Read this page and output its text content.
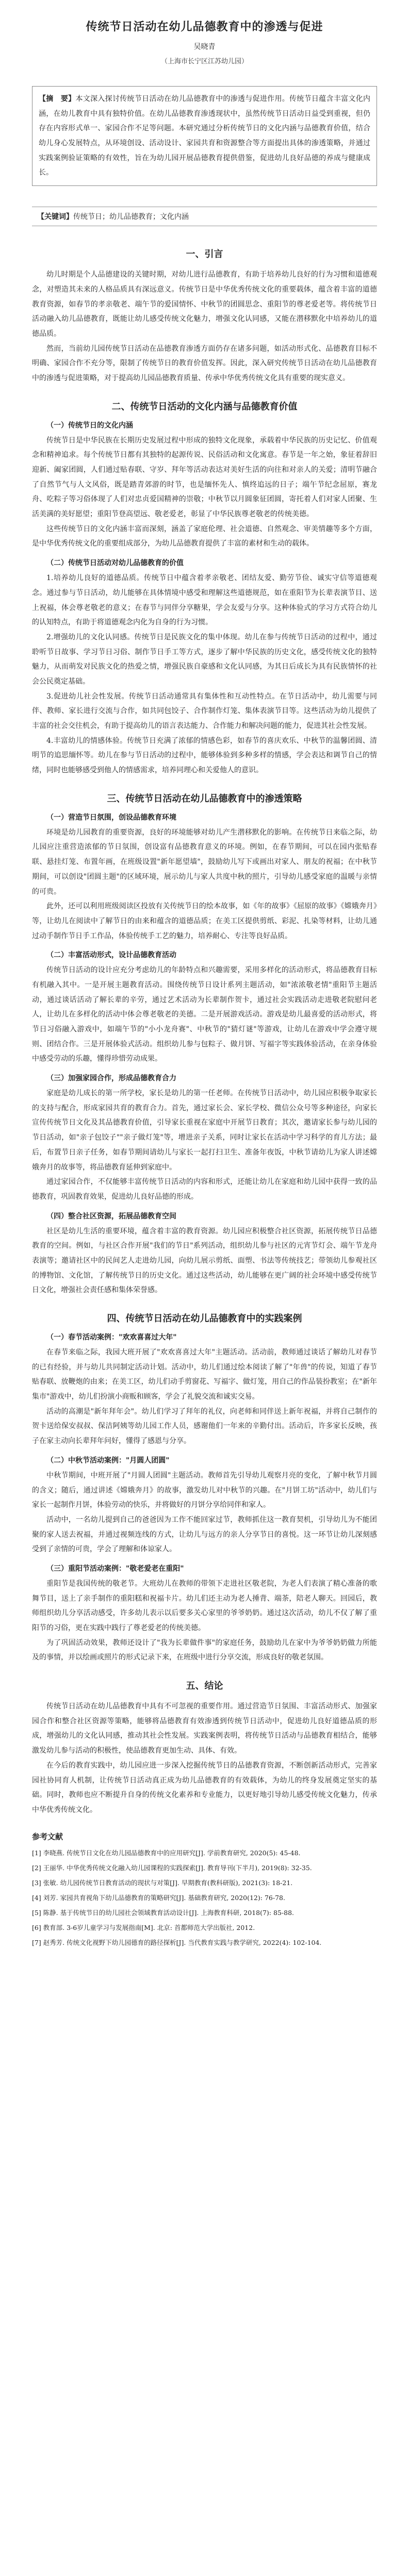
传统节日活动在幼儿品德教育中的渗透与促进
吴晓青
（上海市长宁区江苏幼儿园）

【摘　要】本文深入探讨传统节日活动在幼儿品德教育中的渗透与促进作用。传统节日蕴含丰富文化内涵，在幼儿教育中具有独特价值。在幼儿品德教育渗透现状中，虽然传统节日活动日益受到重视，但仍存在内容形式单一、家园合作不足等问题。本研究通过分析传统节日的文化内涵与品德教育价值，结合幼儿身心发展特点，从环境创设、活动设计、家园共育和资源整合等方面提出具体的渗透策略，并通过实践案例验证策略的有效性，旨在为幼儿园开展品德教育提供借鉴，促进幼儿良好品德的养成与健康成长。

【关键词】传统节日；幼儿品德教育；文化内涵
一、引言

幼儿时期是个人品德建设的关键时期，对幼儿进行品德教育，有助于培养幼儿良好的行为习惯和道德观念，对塑造其未来的人格品质具有深远意义。传统节日是中华优秀传统文化的重要载体，蕴含着丰富的道德教育资源，如春节的孝亲敬老、端午节的爱国情怀、中秋节的团圆思念、重阳节的尊老爱老等。将传统节日活动融入幼儿品德教育，既能让幼儿感受传统文化魅力，增强文化认同感，又能在潜移默化中培养幼儿的道德品质。

然而，当前幼儿园传统节日活动在品德教育渗透方面仍存在诸多问题，如活动形式化、品德教育目标不明确、家园合作不充分等，限制了传统节日的教育价值发挥。因此，深入研究传统节日活动在幼儿品德教育中的渗透与促进策略，对于提高幼儿园品德教育质量、传承中华优秀传统文化具有重要的现实意义。

二、传统节日活动的文化内涵与品德教育价值
（一）传统节日的文化内涵

传统节日是中华民族在长期历史发展过程中形成的独特文化现象，承载着中华民族的历史记忆、价值观念和精神追求。每个传统节日都有其独特的起源传说、民俗活动和文化寓意。春节是一年之始，象征着辞旧迎新、阖家团圆，人们通过贴春联、守岁、拜年等活动表达对美好生活的向往和对亲人的关爱；清明节融合了自然节气与人文风俗，既是踏青郊游的时节，也是缅怀先人、慎终追远的日子；端午节纪念屈原，赛龙舟、吃粽子等习俗体现了人们对忠贞爱国精神的崇敬；中秋节以月圆象征团圆，寄托着人们对家人团聚、生活美满的美好愿望；重阳节登高望远、敬老爱老，彰显了中华民族尊老敬老的传统美德。

这些传统节日的文化内涵丰富而深刻，涵盖了家庭伦理、社会道德、自然观念、审美情趣等多个方面，是中华优秀传统文化的重要组成部分，为幼儿品德教育提供了丰富的素材和生动的载体。

（二）传统节日活动对幼儿品德教育的价值

1.培养幼儿良好的道德品质。传统节日中蕴含着孝亲敬老、团结友爱、勤劳节俭、诚实守信等道德观念。通过参与节日活动，幼儿能够在具体情境中感受和理解这些道德规范，如在重阳节为长辈表演节目、送上祝福，体会尊老敬老的意义；在春节与同伴分享糖果，学会友爱与分享。这种体验式的学习方式符合幼儿的认知特点，有助于将道德观念内化为自身的行为习惯。

2.增强幼儿的文化认同感。传统节日是民族文化的集中体现。幼儿在参与传统节日活动的过程中，通过聆听节日故事、学习节日习俗、制作节日手工等方式，逐步了解中华民族的历史文化，感受传统文化的独特魅力，从而萌发对民族文化的热爱之情，增强民族自豪感和文化认同感，为其日后成长为具有民族情怀的社会公民奠定基础。

3.促进幼儿社会性发展。传统节日活动通常具有集体性和互动性特点。在节日活动中，幼儿需要与同伴、教师、家长进行交流与合作，如共同包饺子、合作制作灯笼、集体表演节目等。这些活动为幼儿提供了丰富的社会交往机会，有助于提高幼儿的语言表达能力、合作能力和解决问题的能力，促进其社会性发展。

4.丰富幼儿的情感体验。传统节日充满了浓郁的情感色彩，如春节的喜庆欢乐、中秋节的温馨团圆、清明节的追思缅怀等。幼儿在参与节日活动的过程中，能够体验到多种多样的情感，学会表达和调节自己的情绪，同时也能够感受到他人的情感需求，培养同理心和关爱他人的意识。

三、传统节日活动在幼儿品德教育中的渗透策略
（一）营造节日氛围，创设品德教育环境

环境是幼儿园教育的重要资源，良好的环境能够对幼儿产生潜移默化的影响。在传统节日来临之际，幼儿园应注重营造浓郁的节日氛围，创设富有品德教育意义的环境。例如，在春节期间，可以在园内张贴春联、悬挂灯笼、布置年画，在班级设置"新年愿望墙"，鼓励幼儿写下或画出对家人、朋友的祝福；在中秋节期间，可以创设"团圆主题"的区域环境，展示幼儿与家人共度中秋的照片，引导幼儿感受家庭的温暖与亲情的可贵。

此外，还可以利用班级阅读区投放有关传统节日的绘本故事，如《年的故事》《屈原的故事》《嫦娥奔月》等，让幼儿在阅读中了解节日的由来和蕴含的道德品质；在美工区提供剪纸、彩泥、扎染等材料，让幼儿通过动手制作节日手工作品，体验传统手工艺的魅力，培养耐心、专注等良好品质。

（二）丰富活动形式，设计品德教育活动

传统节日活动的设计应充分考虑幼儿的年龄特点和兴趣需要，采用多样化的活动形式，将品德教育目标有机融入其中。一是开展主题教育活动。围绕传统节日设计系列主题活动，如"浓浓敬老情"重阳节主题活动，通过谈话活动了解长辈的辛劳，通过艺术活动为长辈制作贺卡，通过社会实践活动走进敬老院慰问老人，让幼儿在多样化的活动中体会尊老敬老的美德。二是开展游戏活动。游戏是幼儿最喜爱的活动形式，将节日习俗融入游戏中，如端午节的"小小龙舟赛"、中秋节的"猜灯谜"等游戏，让幼儿在游戏中学会遵守规则、团结合作。三是开展体验式活动。组织幼儿参与包粽子、做月饼、写福字等实践体验活动，在亲身体验中感受劳动的乐趣，懂得珍惜劳动成果。

（三）加强家园合作，形成品德教育合力

家庭是幼儿成长的第一所学校，家长是幼儿的第一任老师。在传统节日活动中，幼儿园应积极争取家长的支持与配合，形成家园共育的教育合力。首先，通过家长会、家长学校、微信公众号等多种途径，向家长宣传传统节日文化及其品德教育价值，引导家长重视在家庭中开展节日教育；其次，邀请家长参与幼儿园的节日活动，如"亲子包饺子""亲子做灯笼"等，增进亲子关系，同时让家长在活动中学习科学的育儿方法；最后，布置节日亲子任务，如春节期间请幼儿与家长一起打扫卫生、准备年夜饭，中秋节请幼儿为家人讲述嫦娥奔月的故事等，将品德教育延伸到家庭中。

通过家园合作，不仅能够丰富传统节日活动的内容和形式，还能让幼儿在家庭和幼儿园中获得一致的品德教育，巩固教育效果，促进幼儿良好品德的形成。

（四）整合社区资源，拓展品德教育空间

社区是幼儿生活的重要环境，蕴含着丰富的教育资源。幼儿园应积极整合社区资源，拓展传统节日品德教育的空间。例如，与社区合作开展"我们的节日"系列活动，组织幼儿参与社区的元宵节灯会、端午节龙舟表演等；邀请社区中的民间艺人走进幼儿园，向幼儿展示剪纸、面塑、书法等传统技艺；带领幼儿参观社区的博物馆、文化馆，了解传统节日的历史文化。通过这些活动，幼儿能够在更广阔的社会环境中感受传统节日文化，增强社会责任感和集体荣誉感。

四、传统节日活动在幼儿品德教育中的实践案例
（一）春节活动案例："欢欢喜喜过大年"

在春节来临之际，我园大班开展了"欢欢喜喜过大年"主题活动。活动前，教师通过谈话了解幼儿对春节的已有经验，并与幼儿共同制定活动计划。活动中，幼儿们通过绘本阅读了解了"年兽"的传说，知道了春节贴春联、放鞭炮的由来；在美工区，幼儿们动手剪窗花、写福字、做灯笼，用自己的作品装扮教室；在"新年集市"游戏中，幼儿们扮演小商贩和顾客，学会了礼貌交流和诚实交易。

活动的高潮是"新年拜年会"。幼儿们学习了拜年的礼仪，向老师和同伴送上新年祝福，并将自己制作的贺卡送给保安叔叔、保洁阿姨等幼儿园工作人员，感谢他们一年来的辛勤付出。活动后，许多家长反映，孩子在家主动向长辈拜年问好，懂得了感恩与分享。

（二）中秋节活动案例："月圆人团圆"

中秋节期间，中班开展了"月圆人团圆"主题活动。教师首先引导幼儿观察月亮的变化，了解中秋节月圆的含义；随后，通过讲述《嫦娥奔月》的故事，激发幼儿对中秋节的兴趣。在"月饼工坊"活动中，幼儿们与家长一起制作月饼，体验劳动的快乐，并将做好的月饼分享给同伴和家人。

活动中，一名幼儿提到自己的爸爸因为工作不能回家过节，教师抓住这一教育契机，引导幼儿为不能团聚的家人送去祝福，并通过视频连线的方式，让幼儿与远方的亲人分享节日的喜悦。这一环节让幼儿深刻感受到了亲情的可贵，学会了理解和体谅家人。

（三）重阳节活动案例："敬老爱老在重阳"

重阳节是我国传统的敬老节。大班幼儿在教师的带领下走进社区敬老院，为老人们表演了精心准备的歌舞节目，送上了亲手制作的重阳糕和祝福卡片。幼儿们还主动为老人捶背、端茶，陪老人聊天。回园后，教师组织幼儿分享活动感受，许多幼儿表示以后要多关心家里的爷爷奶奶。通过这次活动，幼儿不仅了解了重阳节的习俗，更在实践中践行了尊老爱老的传统美德。

为了巩固活动效果，教师还设计了"我为长辈做件事"的家庭任务，鼓励幼儿在家中为爷爷奶奶做力所能及的事情，并以绘画或照片的形式记录下来，在班级中进行分享交流，形成良好的敬老氛围。

五、结论

传统节日活动在幼儿品德教育中具有不可忽视的重要作用。通过营造节日氛围、丰富活动形式、加强家园合作和整合社区资源等策略，能够将品德教育有效渗透到传统节日活动中，促进幼儿良好道德品质的形成，增强幼儿的文化认同感，推动其社会性发展。实践案例表明，将传统节日活动与品德教育相结合，能够激发幼儿参与活动的积极性，使品德教育更加生动、具体、有效。

在今后的教育实践中，幼儿园应进一步深入挖掘传统节日的品德教育资源，不断创新活动形式，完善家园社协同育人机制，让传统节日活动真正成为幼儿品德教育的有效载体，为幼儿的终身发展奠定坚实的基础。同时，教师也应不断提升自身的传统文化素养和专业能力，以更好地引导幼儿感受传统文化魅力，传承中华优秀传统文化。

参考文献
[1] 李晓燕. 传统节日文化在幼儿园品德教育中的应用研究[J]. 学前教育研究, 2020(5): 45-48.
[2] 王丽华. 中华优秀传统文化融入幼儿园课程的实践探索[J]. 教育导刊(下半月), 2019(8): 32-35.
[3] 张敏. 幼儿园传统节日教育活动的现状与对策[J]. 早期教育(教科研版), 2021(3): 18-21.
[4] 刘芳. 家园共育视角下幼儿品德教育的策略研究[J]. 基础教育研究, 2020(12): 76-78.
[5] 陈静. 基于传统节日的幼儿园社会领域教育活动设计[J]. 上海教育科研, 2018(7): 85-88.
[6] 教育部. 3-6岁儿童学习与发展指南[M]. 北京: 首都师范大学出版社, 2012.
[7] 赵秀芳. 传统文化视野下幼儿园德育的路径探析[J]. 当代教育实践与教学研究, 2022(4): 102-104.
